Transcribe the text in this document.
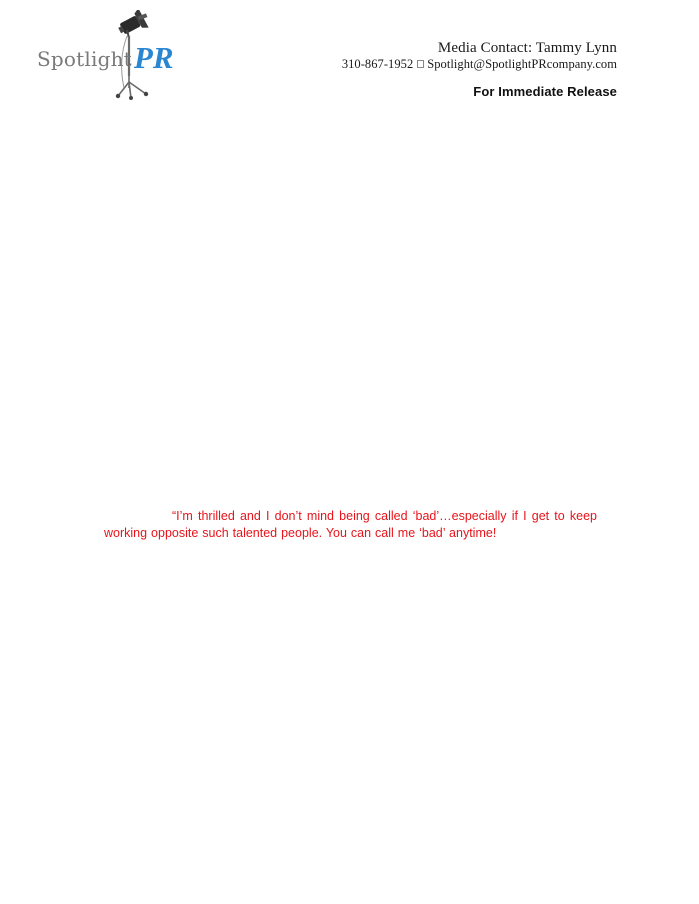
SpotlightPR	Media Contact: Tammy Lynn
310-867-1952 Spotlight@SpotlightPRcompany.com
For Immediate Release
“I’m thrilled and I don’t mind being called ‘bad’…especially if I get to keep working opposite such talented people. You can call me ‘bad’ anytime!
